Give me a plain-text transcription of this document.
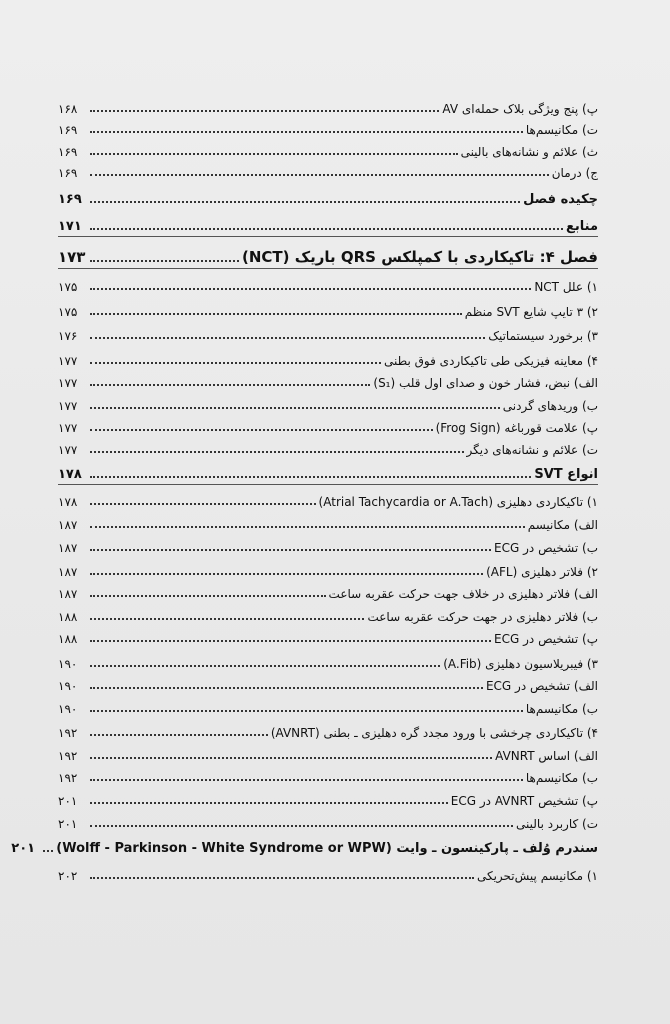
پ) پنج ویژگی بلاک حمله‌ای AV
۱۶۸
ت) مکانیسم‌ها
۱۶۹
ث) علائم و نشانه‌های بالینی
۱۶۹
ج) درمان
۱۶۹
چکیده فصل
۱۶۹
منابع
۱۷۱
فصل ۴: تاکیکاردی با کمپلکس QRS باریک (NCT)
۱۷۳
۱) علل NCT
۱۷۵
۲) ۳ تایپ شایع SVT منظم
۱۷۵
۳) برخورد سیستماتیک
۱۷۶
۴) معاینه فیزیکی طی تاکیکاردی فوق بطنی
۱۷۷
الف) نبض، فشار خون و صدای اول قلب (S₁)
۱۷۷
ب) وریدهای گردنی
۱۷۷
پ) علامت قورباغه (Frog Sign)
۱۷۷
ت) علائم و نشانه‌های دیگر
۱۷۷
انواع SVT
۱۷۸
۱) تاکیکاردی دهلیزی (Atrial Tachycardia or A.Tach)
۱۷۸
الف) مکانیسم
۱۸۷
ب) تشخیص در ECG
۱۸۷
۲) فلاتر دهلیزی (AFL)
۱۸۷
الف) فلاتر دهلیزی در خلاف جهت حرکت عقربه ساعت
۱۸۷
ب) فلاتر دهلیزی در جهت حرکت عقربه ساعت
۱۸۸
پ) تشخیص در ECG
۱۸۸
۳) فیبریلاسیون دهلیزی (A.Fib)
۱۹۰
الف) تشخیص در ECG
۱۹۰
ب) مکانیسم‌ها
۱۹۰
۴) تاکیکاردی چرخشی با ورود مجدد گره دهلیزی ـ بطنی (AVNRT)
۱۹۲
الف) اساس AVNRT
۱۹۲
ب) مکانیسم‌ها
۱۹۲
پ) تشخیص AVNRT در ECG
۲۰۱
ت) کاربرد بالینی
۲۰۱
سندرم وُلف ـ پارکینسون ـ وایت (Wolff - Parkinson - White Syndrome or WPW)
۲۰۱
۱) مکانیسم پیش‌تحریکی
۲۰۲
